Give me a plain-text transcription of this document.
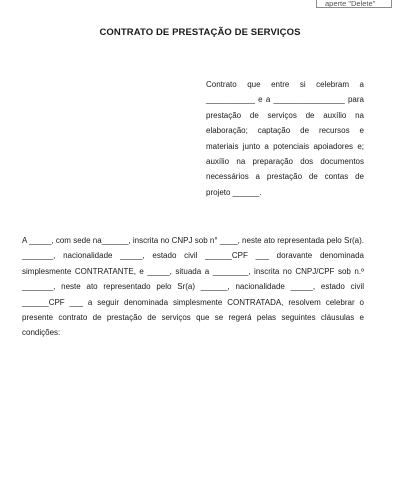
aperte "Delete"
CONTRATO DE PRESTAÇÃO DE SERVIÇOS

Contrato que entre si celebram a ___________ e a ________________ para prestação de serviços de auxílio na elaboração; captação de recursos e materiais junto a potenciais apoiadores e; auxílio na preparação dos documentos necessários a prestação de contas de projeto ______.

A _____, com sede na______, inscrita no CNPJ sob n° ____, neste ato representada pelo Sr(a). _______, nacionalidade _____, estado civil ______CPF ___ doravante denominada simplesmente CONTRATANTE, e _____, situada a ________, inscrita no CNPJ/CPF sob n.º _______, neste ato representado pelo Sr(a) ______, nacionalidade _____, estado civil ______CPF ___ a seguir denominada simplesmente CONTRATADA, resolvem celebrar o presente contrato de prestação de serviços que se regerá pelas seguintes cláusulas e condições:
